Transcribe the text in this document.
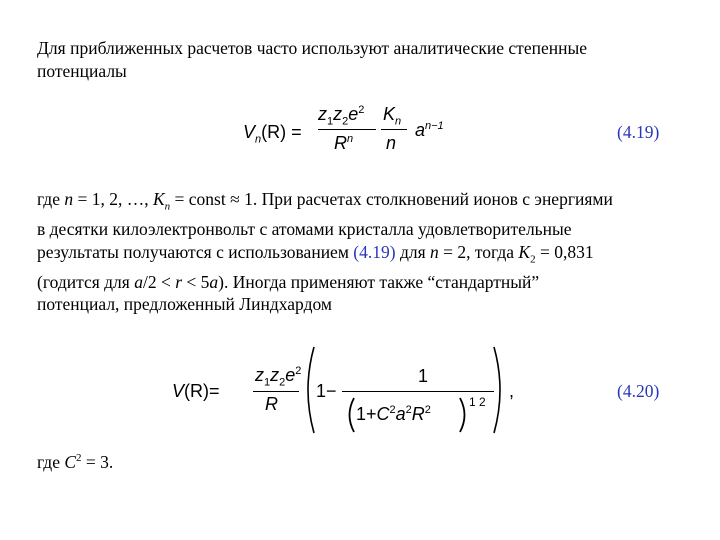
Для приближенных расчетов часто используют аналитические степенные
потенциалы
$V_n(R)$ =
$z_1z_2e^2$
$R^n$
$K_n$
n
$a^{n-1}$	(4.19)
где n = 1, 2, …, $K_n$ = const ≈ 1. При расчетах столкновений ионов с энергиями
в десятки килоэлектронвольт с атомами кристалла удовлетворительные
результаты получаются с использованием (4.19) для n = 2, тогда $K_2 = 0,831$
(годится для a/2 < r < 5a). Иногда применяют также “стандартный”
потенциал, предложенный Линдхардом
V(R)=
$z_1z_2e^2$
R
1−
1
$1+C^2a^2R^2$
1 2
,	(4.20)
где $C^2 = 3$.
